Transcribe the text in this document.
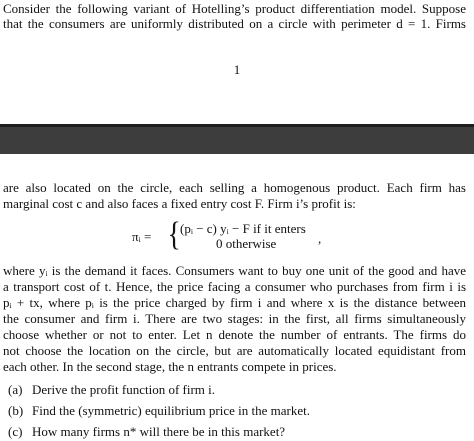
Consider the following variant of Hotelling’s product differentiation model. Suppose
that the consumers are uniformly distributed on a circle with perimeter d = 1. Firms
1
are also located on the circle, each selling a homogenous product. Each firm has
marginal cost c and also faces a fixed entry cost F. Firm i’s profit is:
πᵢ = { (pᵢ − c) yᵢ − F if it enters
0 otherwise	,
where yᵢ is the demand it faces. Consumers want to buy one unit of the good and have
a transport cost of t. Hence, the price facing a consumer who purchases from firm i is
pᵢ + tx, where pᵢ is the price charged by firm i and where x is the distance between
the consumer and firm i. There are two stages: in the first, all firms simultaneously
choose whether or not to enter. Let n denote the number of entrants. The firms do
not choose the location on the circle, but are automatically located equidistant from
each other. In the second stage, the n entrants compete in prices.
(a) Derive the profit function of firm i.
(b) Find the (symmetric) equilibrium price in the market.
(c) How many firms n* will there be in this market?
